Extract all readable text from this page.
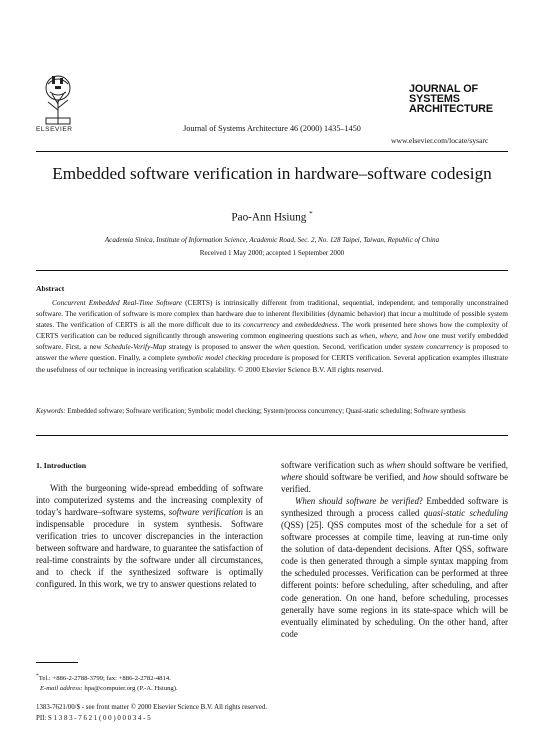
ELSEVIER	Journal of Systems Architecture 46 (2000) 1435–1450
JOURNAL OF
SYSTEMS
ARCHITECTURE
www.elsevier.com/locate/sysarc
Embedded software verification in hardware–software codesign
Pao-Ann Hsiung *
Academia Sinica, Institute of Information Science, Academic Road, Sec. 2, No. 128 Taipei, Taiwan, Republic of China
Received 1 May 2000; accepted 1 September 2000
Abstract
Concurrent Embedded Real-Time Software (CERTS) is intrinsically different from traditional, sequential, independent, and temporally unconstrained software. The verification of software is more complex than hardware due to inherent flexibilities (dynamic behavior) that incur a multitude of possible system states. The verification of CERTS is all the more difficult due to its concurrency and embeddedness. The work presented here shows how the complexity of CERTS verification can be reduced significantly through answering common engineering questions such as when, where, and how one must verify embedded software. First, a new Schedule-Verify-Map strategy is proposed to answer the when question. Second, verification under system concurrency is proposed to answer the where question. Finally, a complete symbolic model checking procedure is proposed for CERTS verification. Several application examples illustrate the usefulness of our technique in increasing verification scalability. © 2000 Elsevier Science B.V. All rights reserved.
Keywords: Embedded software; Software verification; Symbolic model checking; System/process concurrency; Quasi-static scheduling; Software synthesis
1. Introduction
With the burgeoning wide-spread embedding of software into computerized systems and the increasing complexity of today’s hardware–software systems, software verification is an indispensable procedure in system synthesis. Software verification tries to uncover discrepancies in the interaction between software and hardware, to guarantee the satisfaction of real-time constraints by the software under all circumstances, and to check if the synthesized software is optimally configured. In this work, we try to answer questions related to

software verification such as when should software be verified, where should software be verified, and how should software be verified.

When should software be verified? Embedded software is synthesized through a process called quasi-static scheduling (QSS) [25]. QSS computes most of the schedule for a set of software processes at compile time, leaving at run-time only the solution of data-dependent decisions. After QSS, software code is then generated through a simple syntax mapping from the scheduled processes. Verification can be performed at three different points: before scheduling, after scheduling, and after code generation. On one hand, before scheduling, processes generally have some regions in its state-space which will be eventually eliminated by scheduling. On the other hand, after code

*Tel.: +886-2-2788-3799; fax: +886-2-2782-4814.
E-mail address: hpa@computer.org (P.-A. Hsiung).
1383-7621/00/$ - see front matter © 2000 Elsevier Science B.V. All rights reserved.
PII: S 1 3 8 3 - 7 6 2 1 ( 0 0 ) 0 0 0 3 4 - 5
